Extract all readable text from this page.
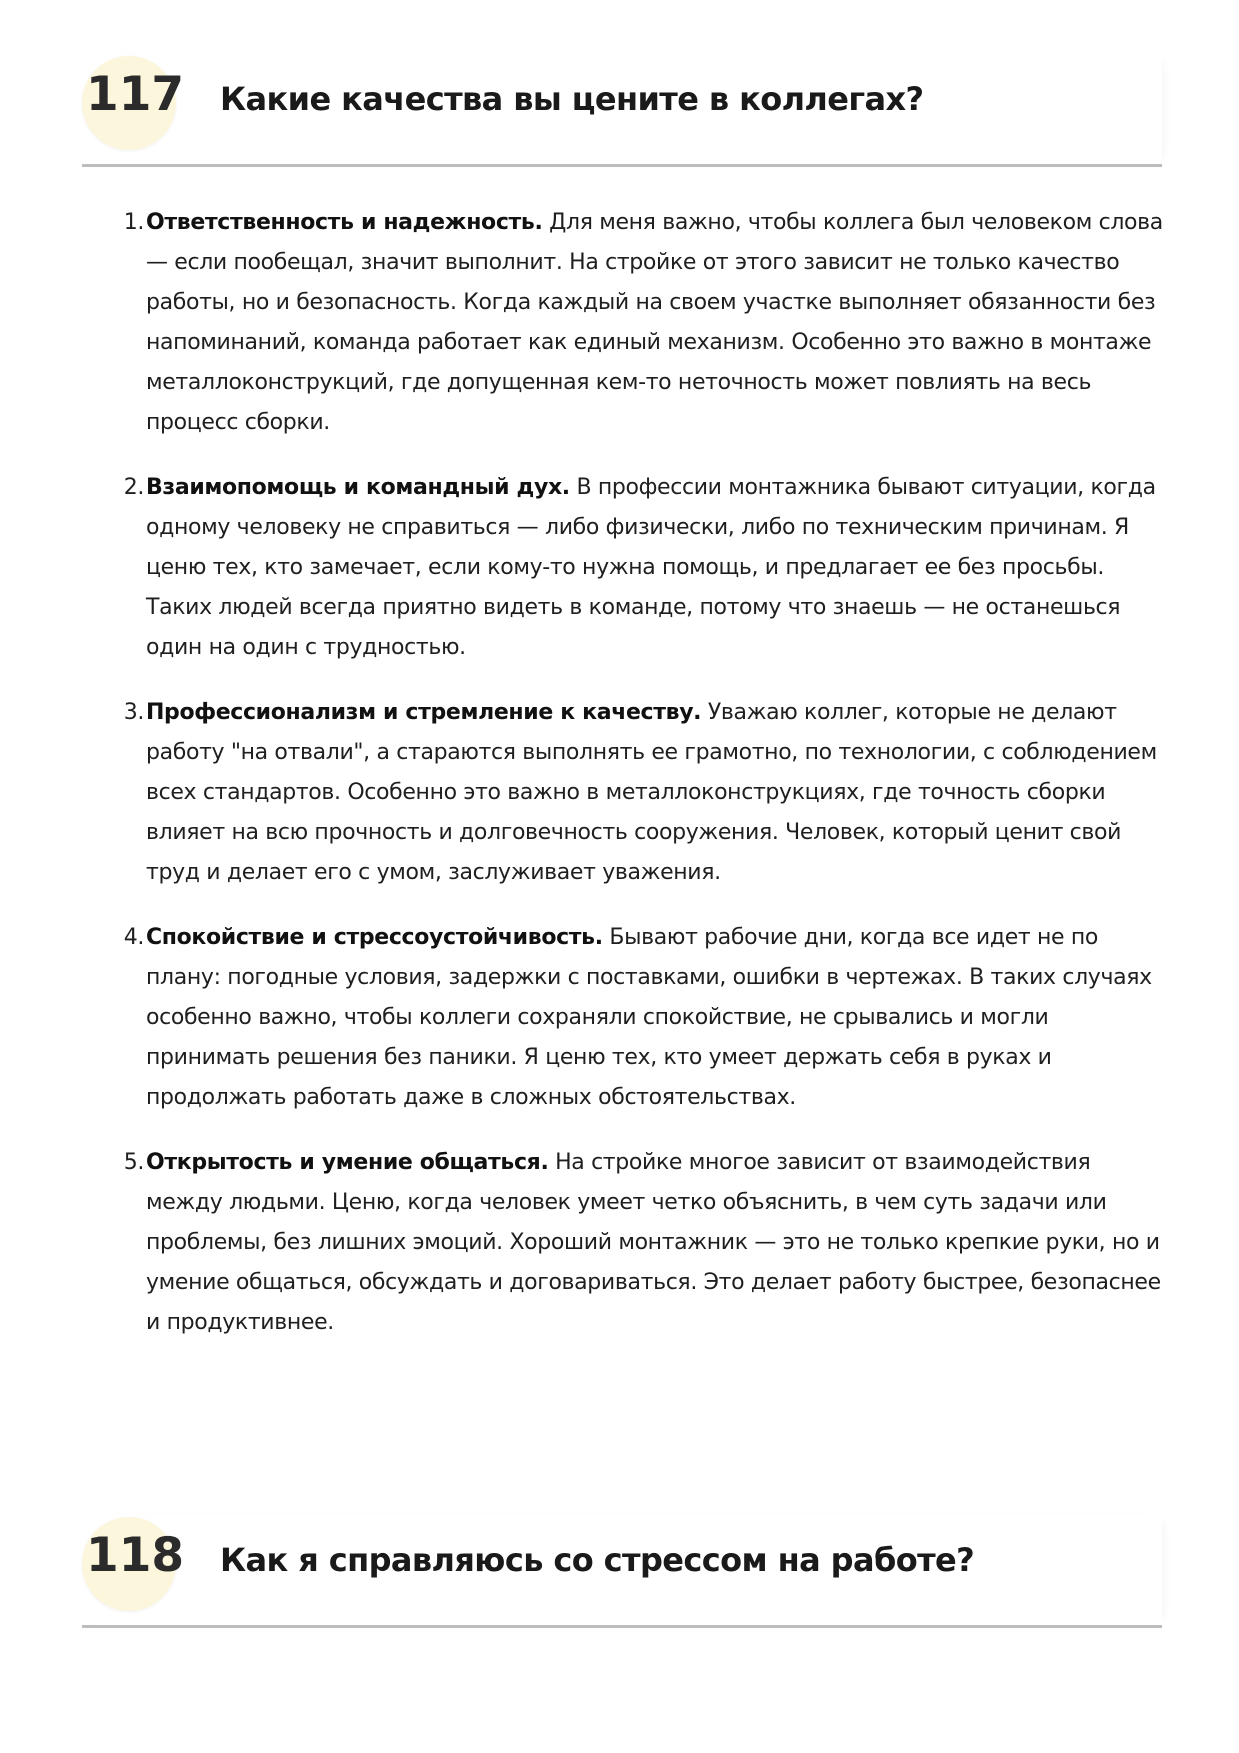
117 Какие качества вы цените в коллегах?
1. Ответственность и надежность. Для меня важно, чтобы коллега был человеком слова — если пообещал, значит выполнит. На стройке от этого зависит не только качество работы, но и безопасность. Когда каждый на своем участке выполняет обязанности без напоминаний, команда работает как единый механизм. Особенно это важно в монтаже металлоконструкций, где допущенная кем-то неточность может повлиять на весь процесс сборки.
2. Взаимопомощь и командный дух. В профессии монтажника бывают ситуации, когда одному человеку не справиться — либо физически, либо по техническим причинам. Я ценю тех, кто замечает, если кому-то нужна помощь, и предлагает ее без просьбы. Таких людей всегда приятно видеть в команде, потому что знаешь — не останешься один на один с трудностью.
3. Профессионализм и стремление к качеству. Уважаю коллег, которые не делают работу "на отвали", а стараются выполнять ее грамотно, по технологии, с соблюдением всех стандартов. Особенно это важно в металлоконструкциях, где точность сборки влияет на всю прочность и долговечность сооружения. Человек, который ценит свой труд и делает его с умом, заслуживает уважения.
4. Спокойствие и стрессоустойчивость. Бывают рабочие дни, когда все идет не по плану: погодные условия, задержки с поставками, ошибки в чертежах. В таких случаях особенно важно, чтобы коллеги сохраняли спокойствие, не срывались и могли принимать решения без паники. Я ценю тех, кто умеет держать себя в руках и продолжать работать даже в сложных обстоятельствах.
5. Открытость и умение общаться. На стройке многое зависит от взаимодействия между людьми. Ценю, когда человек умеет четко объяснить, в чем суть задачи или проблемы, без лишних эмоций. Хороший монтажник — это не только крепкие руки, но и умение общаться, обсуждать и договариваться. Это делает работу быстрее, безопаснее и продуктивнее.
118 Как я справляюсь со стрессом на работе?
